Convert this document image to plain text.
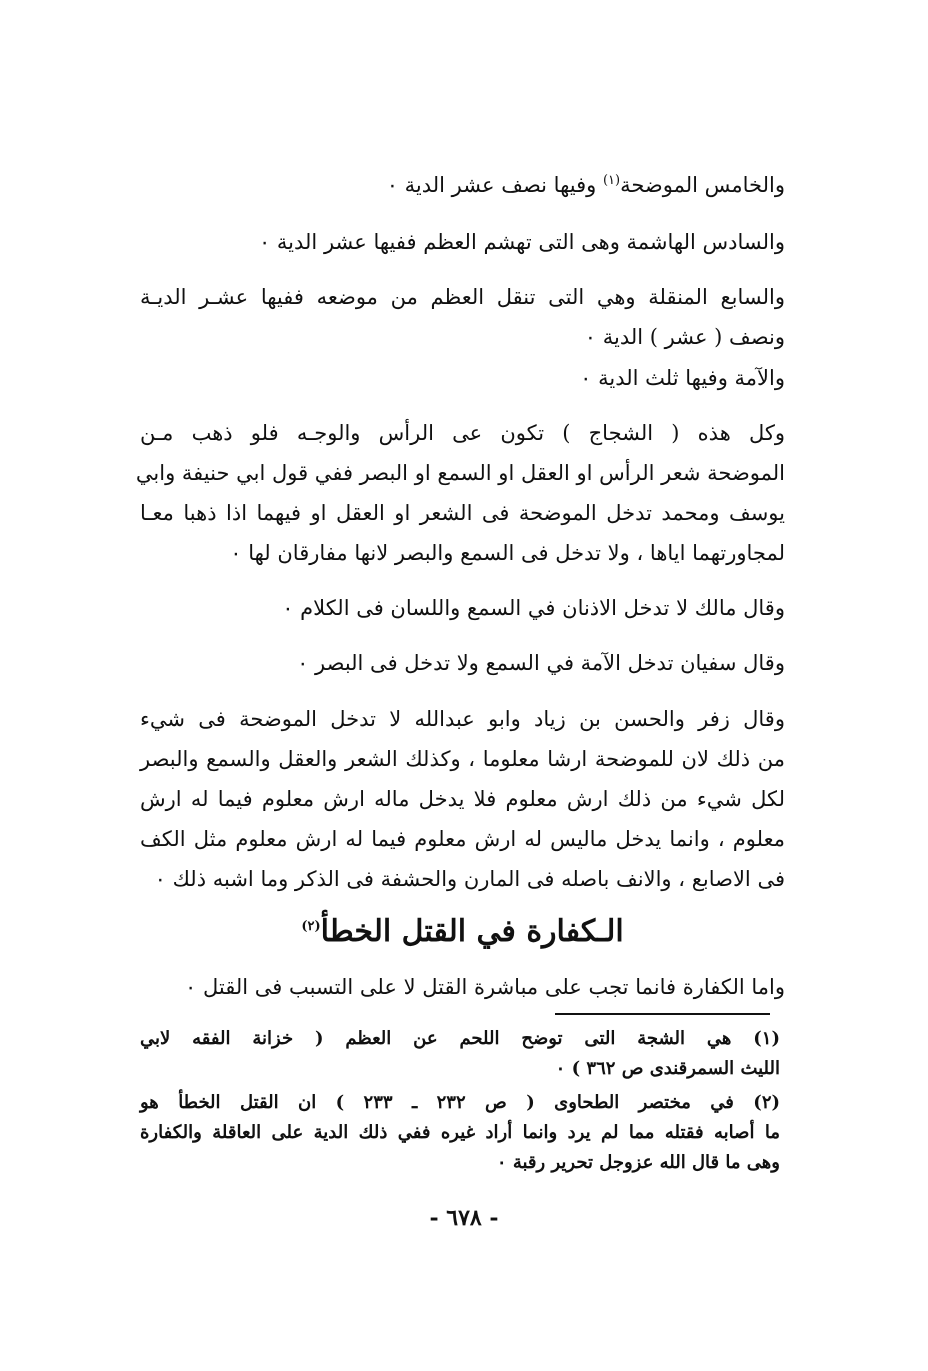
والخامس الموضحة$^{(١)}$ وفيها نصف عشر الدية ٠
والسادس الهاشمة وهى التى تهشم العظم ففيها عشر الدية ٠
والسابع المنقلة وهي التى تنقل العظم من موضعه ففيها عشـر الديـة
ونصف ( عشر ) الدية ٠
والآمة وفيها ثلث الدية ٠
وكل هذه ( الشجاج ) تكون عى الرأس والوجـه فلو ذهب مـن
الموضحة شعر الرأس او العقل او السمع او البصر ففي قول ابي حنيفة وابي
يوسف ومحمد تدخل الموضحة فى الشعر او العقل او فيهما اذا ذهبا معـا
لمجاورتهما اياها ، ولا تدخل فى السمع والبصر لانها مفارقان لها ٠
وقال مالك لا تدخل الاذنان في السمع واللسان فى الكلام ٠
وقال سفيان تدخل الآمة في السمع ولا تدخل فى البصر ٠
وقال زفر والحسن بن زياد وابو عبدالله لا تدخل الموضحة فى شيء
من ذلك لان للموضحة ارشا معلوما ، وكذلك الشعر والعقل والسمع والبصر
لكل شيء من ذلك ارش معلوم فلا يدخل ماله ارش معلوم فيما له ارش
معلوم ، وانما يدخل ماليس له ارش معلوم فيما له ارش معلوم مثل الكف
فى الاصابع ، والانف باصله فى المارن والحشفة فى الذكر وما اشبه ذلك ٠
الـكفارة في القتل الخطأ$^{(٢)}$
واما الكفارة فانما تجب على مباشرة القتل لا على التسبب فى القتل ٠
(١) هي الشجة التى توضح اللحم عن العظم ( خزانة الفقه لابي
الليث السمرقندى ص ٣٦٢ ) ٠
(٢) في مختصر الطحاوى ( ص ٢٣٢ ـ ٢٣٣ ) ان القتل الخطأ هو
ما أصابه فقتله مما لم يرد وانما أراد غيره ففي ذلك الدية على العاقلة والكفارة
وهى ما قال الله عزوجل تحرير رقبة ٠
- ٦٧٨ -
